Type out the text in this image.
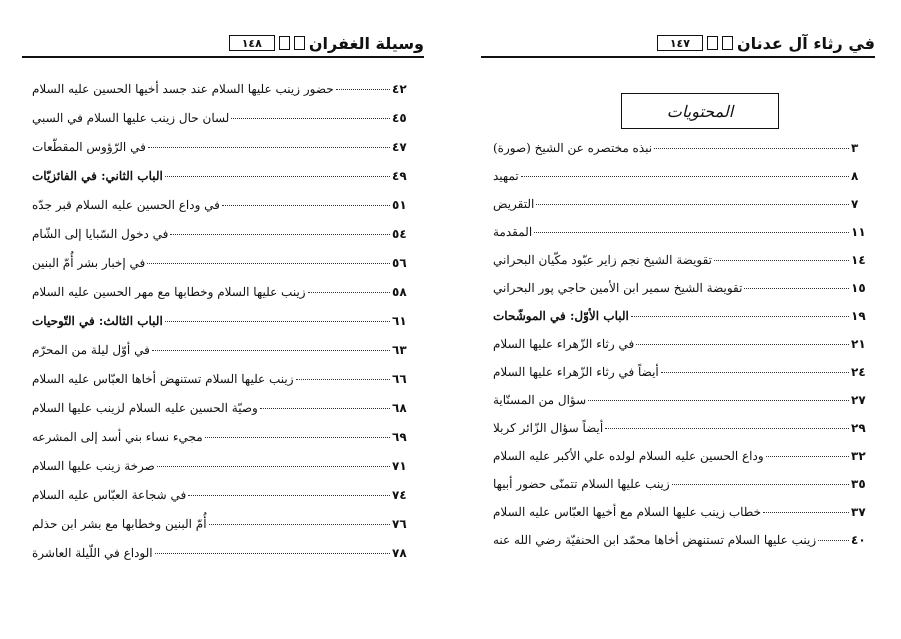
وسيلة الغفران
١٤٨
حضور زينب عليها السلام عند جسد أخيها الحسين عليه السلام	٤٢
لسان حال زينب عليها السلام في السبي	٤٥
في الرّؤوس المقطّعات	٤٧
الباب الثاني: في الفائزيّات	٤٩
في وداع الحسين عليه السلام قبر جدّه	٥١
في دخول السّبايا إلى الشّام	٥٤
في إخبار بشر أُمّ البنين	٥٦
زينب عليها السلام وخطابها مع مهر الحسين عليه السلام	٥٨
الباب الثالث: في التّوحيات	٦١
في أوّل ليلة من المحرّم	٦٣
زينب عليها السلام تستنهض أخاها العبّاس عليه السلام	٦٦
وصيّة الحسين عليه السلام لزينب عليها السلام	٦٨
مجيء نساء بني أسد إلى المشرعه	٦٩
صرخة زينب عليها السلام	٧١
في شجاعة العبّاس عليه السلام	٧٤
أُمّ البنين وخطابها مع بشر ابن حذلم	٧٦
الوداع في اللّيلة العاشرة	٧٨
في رثاء آل عدنان
١٤٧
المحتويات
نبذه مختصره عن الشيخ (صورة)	٣
تمهيد	٨
التقريض	٧
المقدمة	١١
تقويضة الشيخ نجم زاير عبّود مكّيان البحراني	١٤
تقويضة الشيخ سمير ابن الأمين حاجي پور البحراني	١٥
الباب الأوّل: في الموشّحات	١٩
في رثاء الزّهراء عليها السلام	٢١
أيضاً في رثاء الزّهراء عليها السلام	٢٤
سؤال من المسنّاية	٢٧
أيضاً سؤال الزّائر كربلا	٢٩
وداع الحسين عليه السلام لولده علي الأكبر عليه السلام	٣٢
زينب عليها السلام تتمنّى حضور أبيها	٣٥
خطاب زينب عليها السلام مع أخيها العبّاس عليه السلام	٣٧
زينب عليها السلام تستنهض أخاها محمّد ابن الحنفيّة رضي الله عنه	٤٠
